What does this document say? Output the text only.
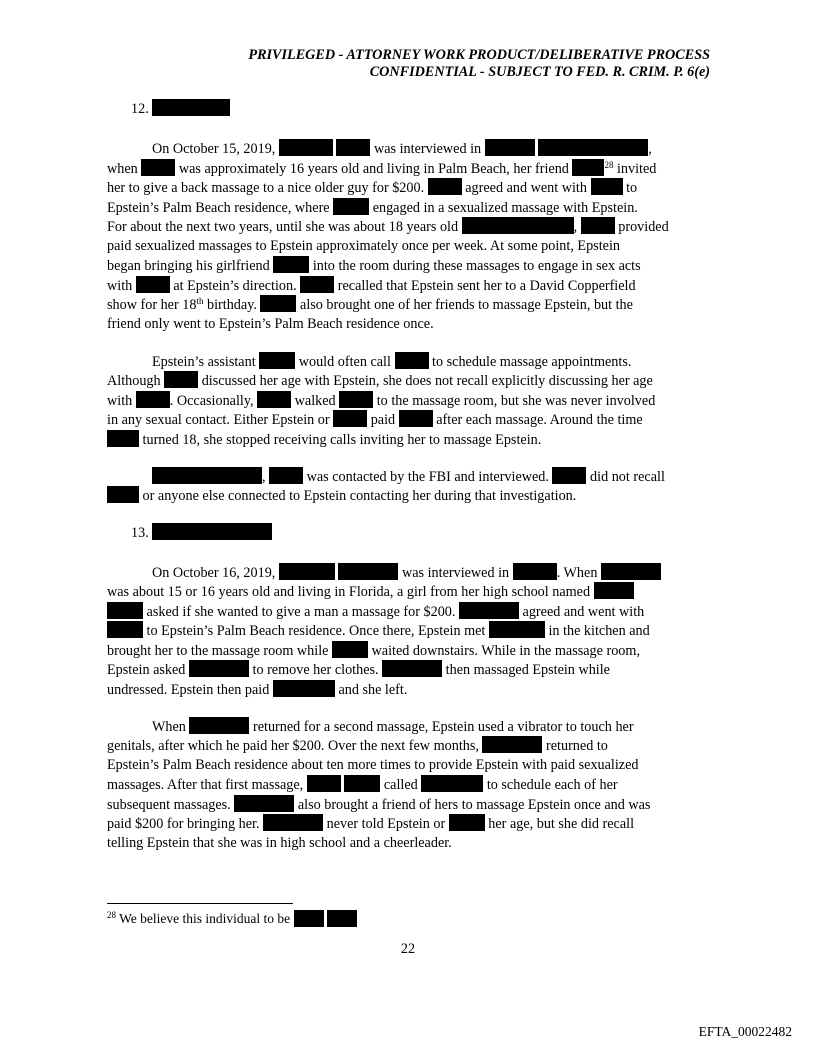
PRIVILEGED - ATTORNEY WORK PRODUCT/DELIBERATIVE PROCESS
CONFIDENTIAL - SUBJECT TO FED. R. CRIM. P. 6(e)
12.
On October 15, 2019,	was interviewed in	,
when	was approximately 16 years old and living in Palm Beach, her friend	$^{28}$ invited
her to give a back massage to a nice older guy for $200.	agreed and went with	to
Epstein’s Palm Beach residence, where	engaged in a sexualized massage with Epstein.
For about the next two years, until she was about 18 years old	,	provided
paid sexualized massages to Epstein approximately once per week. At some point, Epstein
began bringing his girlfriend	into the room during these massages to engage in sex acts
with	at Epstein’s direction.	recalled that Epstein sent her to a David Copperfield
show for her 18th birthday.	also brought one of her friends to massage Epstein, but the
friend only went to Epstein’s Palm Beach residence once.
Epstein’s assistant	would often call	to schedule massage appointments.
Although	discussed her age with Epstein, she does not recall explicitly discussing her age
with	. Occasionally,	walked	to the massage room, but she was never involved
in any sexual contact. Either Epstein or	paid	after each massage. Around the time
turned 18, she stopped receiving calls inviting her to massage Epstein.
,	was contacted by the FBI and interviewed.	did not recall
or anyone else connected to Epstein contacting her during that investigation.
13.
On October 16, 2019,	was interviewed in	. When
was about 15 or 16 years old and living in Florida, a girl from her high school named
asked if she wanted to give a man a massage for $200.	agreed and went with
to Epstein’s Palm Beach residence. Once there, Epstein met	in the kitchen and
brought her to the massage room while	waited downstairs. While in the massage room,
Epstein asked	to remove her clothes.	then massaged Epstein while
undressed. Epstein then paid	and she left.
When	returned for a second massage, Epstein used a vibrator to touch her
genitals, after which he paid her $200. Over the next few months,	returned to
Epstein’s Palm Beach residence about ten more times to provide Epstein with paid sexualized
massages. After that first massage,	called	to schedule each of her
subsequent massages.	also brought a friend of hers to massage Epstein once and was
paid $200 for bringing her.	never told Epstein or	her age, but she did recall
telling Epstein that she was in high school and a cheerleader.
$^{28}$ We believe this individual to be
22
EFTA_00022482
